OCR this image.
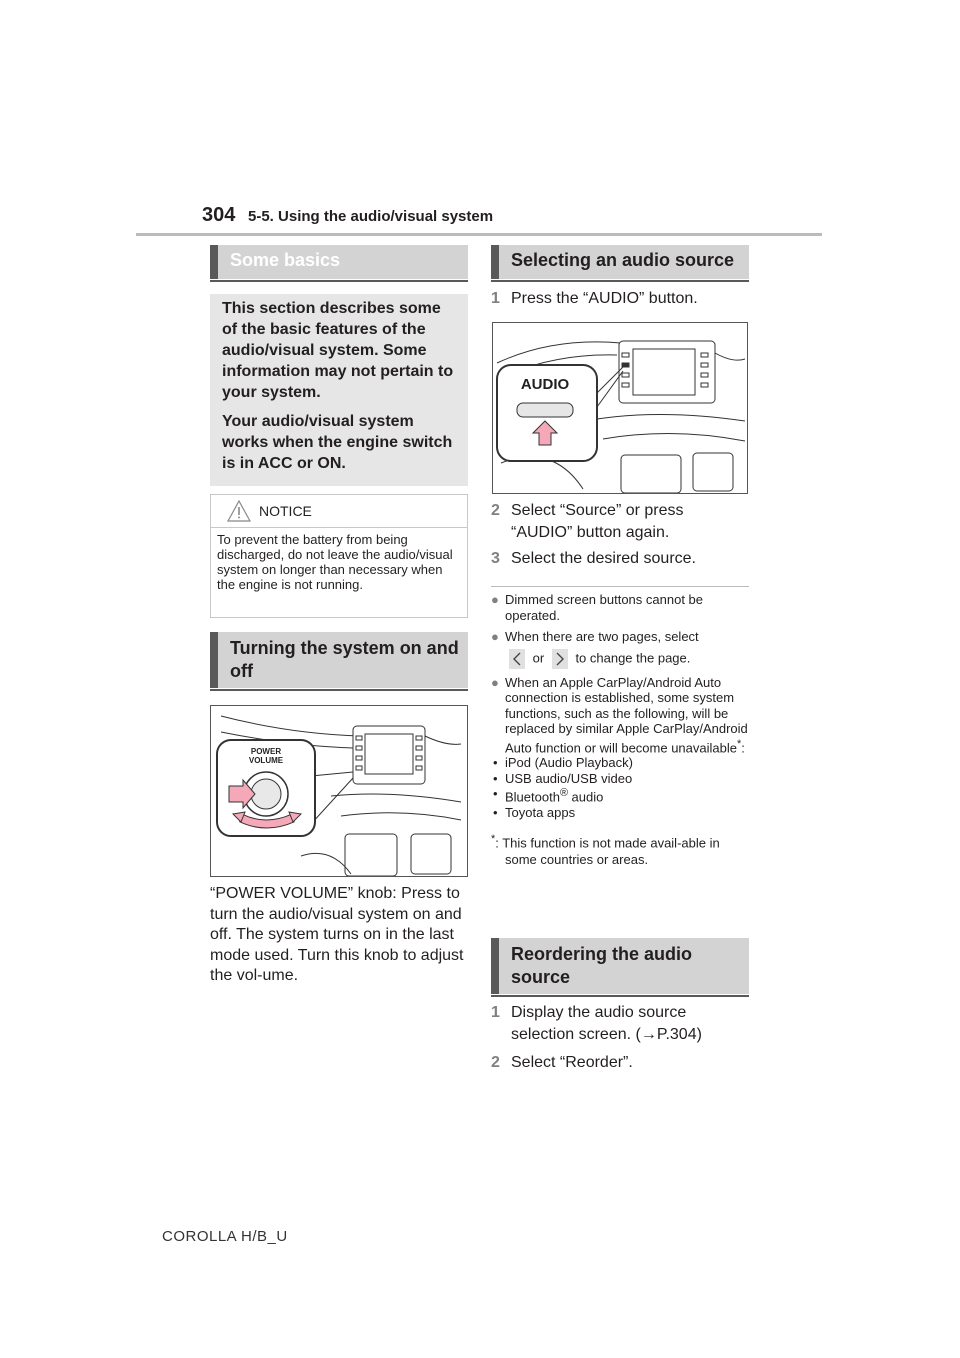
304 5-5. Using the audio/visual system
Some basics

This section describes some of the basic features of the audio/visual system. Some information may not pertain to your system.

Your audio/visual system works when the engine switch is in ACC or ON.

NOTICE
To prevent the battery from being discharged, do not leave the audio/visual system on longer than necessary when the engine is not running.
Turning the system on and off
POWER
VOLUME
“POWER VOLUME” knob: Press to turn the audio/visual system on and off. The system turns on in the last mode used. Turn this knob to adjust the vol-ume.
Selecting an audio source
1 Press the “AUDIO” button.
AUDIO
2 Select “Source” or press “AUDIO” button again.
3 Select the desired source.
● Dimmed screen buttons cannot be operated.
● When there are two pages, select

or to change the page.
● When an Apple CarPlay/Android Auto connection is established, some system functions, such as the following, will be replaced by similar Apple CarPlay/Android Auto function or will become unavailable*:
• iPod (Audio Playback)
• USB audio/USB video
• Bluetooth® audio
• Toyota apps
*: This function is not made avail-able in some countries or areas.
Reordering the audio source
1 Display the audio source selection screen. (→P.304)
2 Select “Reorder”.
COROLLA H/B_U
